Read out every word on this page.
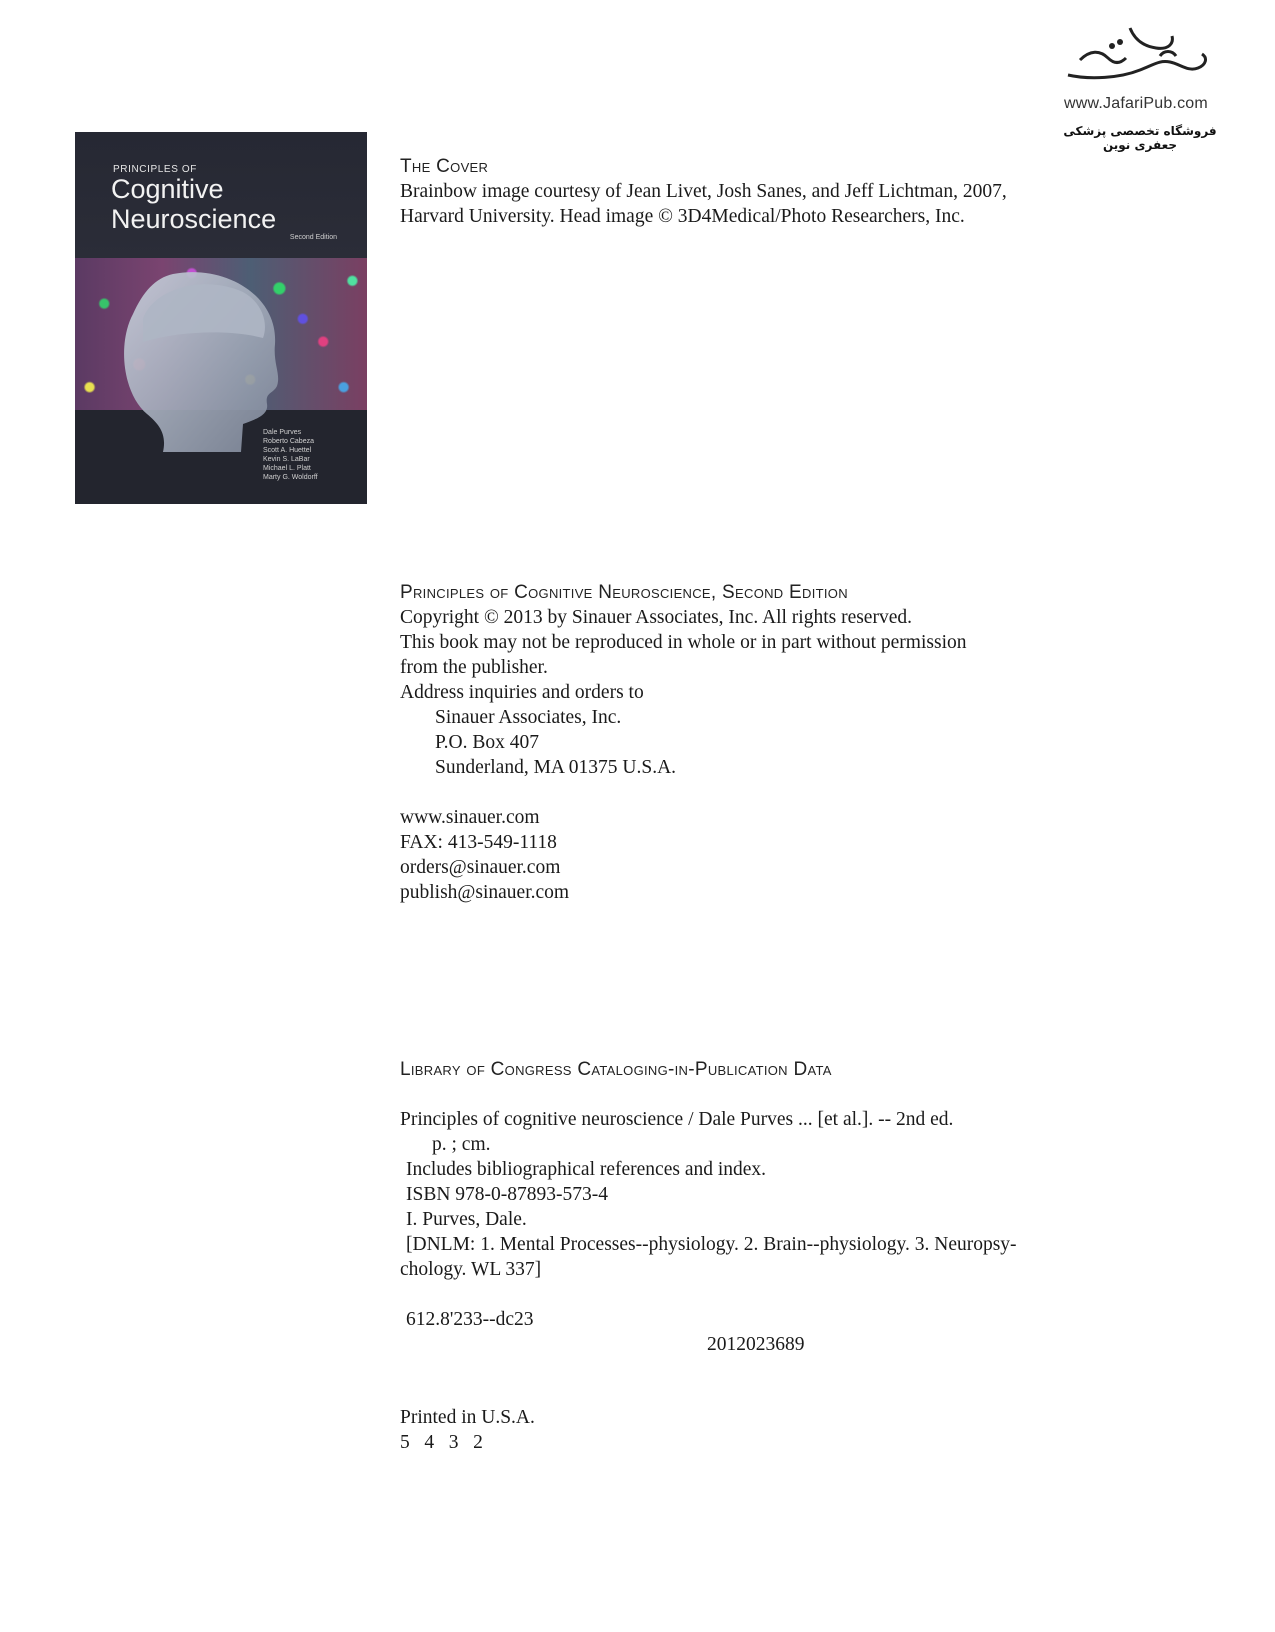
www.JafariPub.com
فروشگاه تخصصی پزشکی جعفری نوین
PRINCIPLES OF
Cognitive
Neuroscience
Second Edition
Dale Purves
Roberto Cabeza
Scott A. Huettel
Kevin S. LaBar
Michael L. Platt
Marty G. Woldorff
The Cover
Brainbow image courtesy of Jean Livet, Josh Sanes, and Jeff Lichtman, 2007,
Harvard University. Head image © 3D4Medical/Photo Researchers, Inc.
Principles of Cognitive Neuroscience, Second Edition
Copyright © 2013 by Sinauer Associates, Inc. All rights reserved.
This book may not be reproduced in whole or in part without permission
from the publisher.
Address inquiries and orders to
Sinauer Associates, Inc.
P.O. Box 407
Sunderland, MA 01375 U.S.A.
www.sinauer.com
FAX: 413-549-1118
orders@sinauer.com
publish@sinauer.com
Library of Congress Cataloging-in-Publication Data
Principles of cognitive neuroscience / Dale Purves ... [et al.]. -- 2nd ed.
p. ; cm.
Includes bibliographical references and index.
ISBN 978-0-87893-573-4
I. Purves, Dale.
[DNLM: 1. Mental Processes--physiology. 2. Brain--physiology. 3. Neuropsy-
chology. WL 337]
612.8'233--dc23
2012023689
Printed in U.S.A.
5   4   3   2
